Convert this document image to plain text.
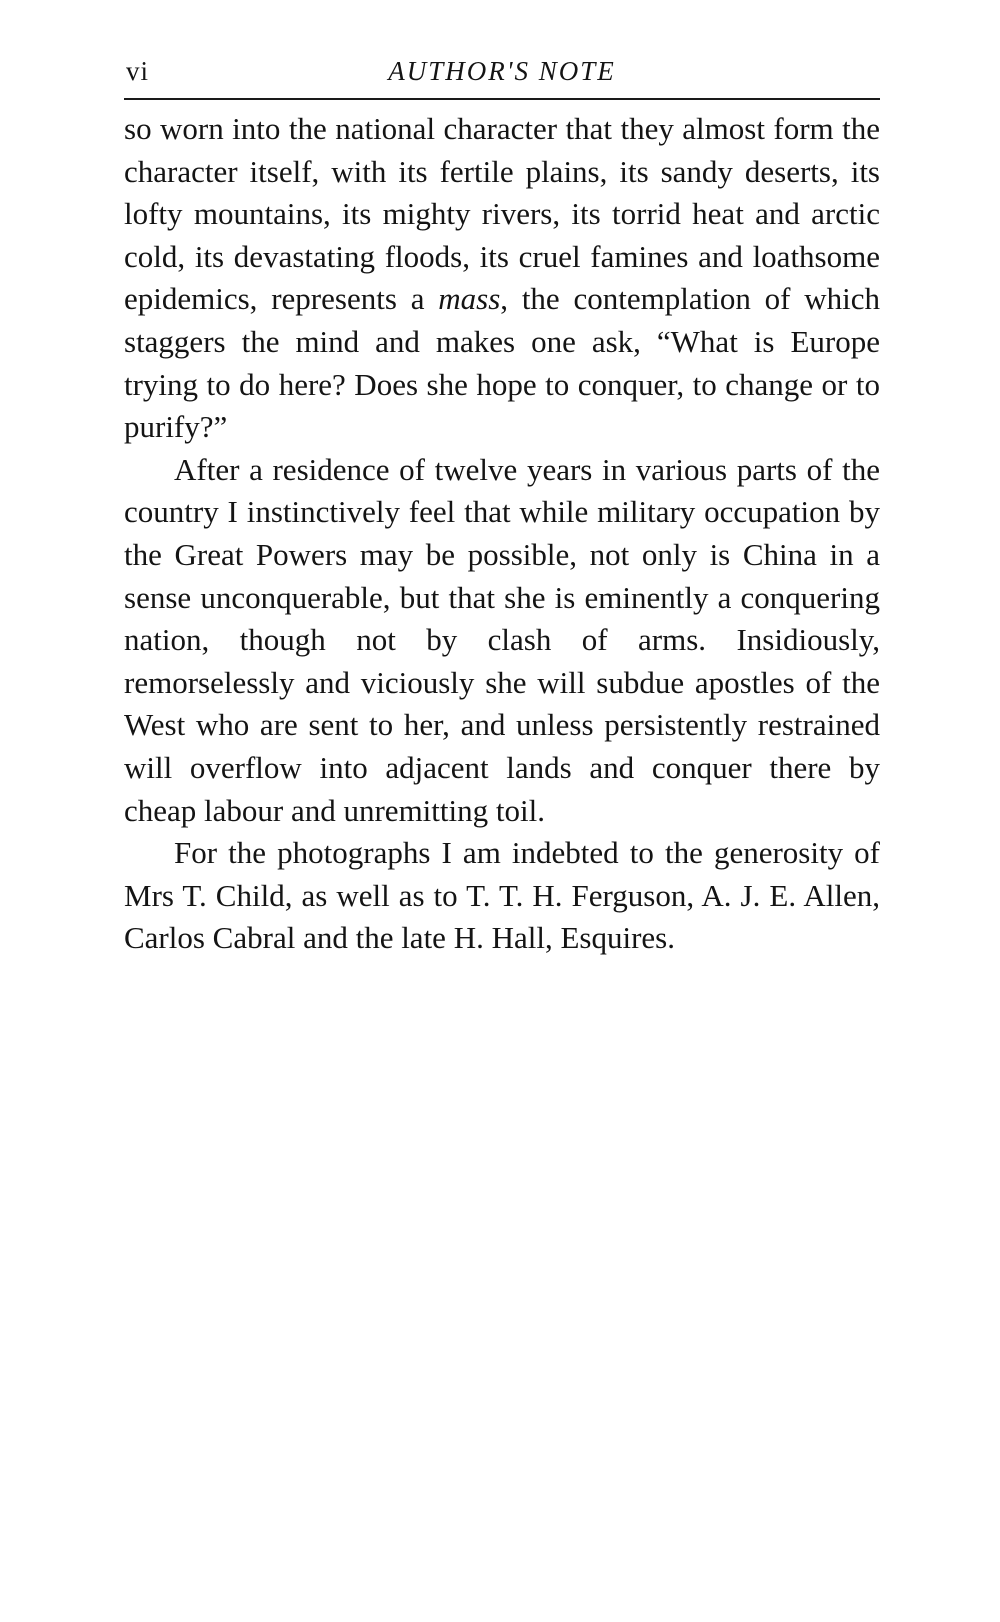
vi	AUTHOR'S NOTE

so worn into the national character that they almost form the character itself, with its fertile plains, its sandy deserts, its lofty mountains, its mighty rivers, its torrid heat and arctic cold, its devastating floods, its cruel famines and loathsome epidemics, represents a mass, the contemplation of which staggers the mind and makes one ask, “What is Europe trying to do here? Does she hope to conquer, to change or to purify?”

After a residence of twelve years in various parts of the country I instinctively feel that while military occupation by the Great Powers may be possible, not only is China in a sense unconquerable, but that she is eminently a conquering nation, though not by clash of arms. Insidiously, remorselessly and viciously she will subdue apostles of the West who are sent to her, and unless persistently restrained will overflow into adjacent lands and conquer there by cheap labour and unremitting toil.

For the photographs I am indebted to the generosity of Mrs T. Child, as well as to T. T. H. Ferguson, A. J. E. Allen, Carlos Cabral and the late H. Hall, Esquires.
